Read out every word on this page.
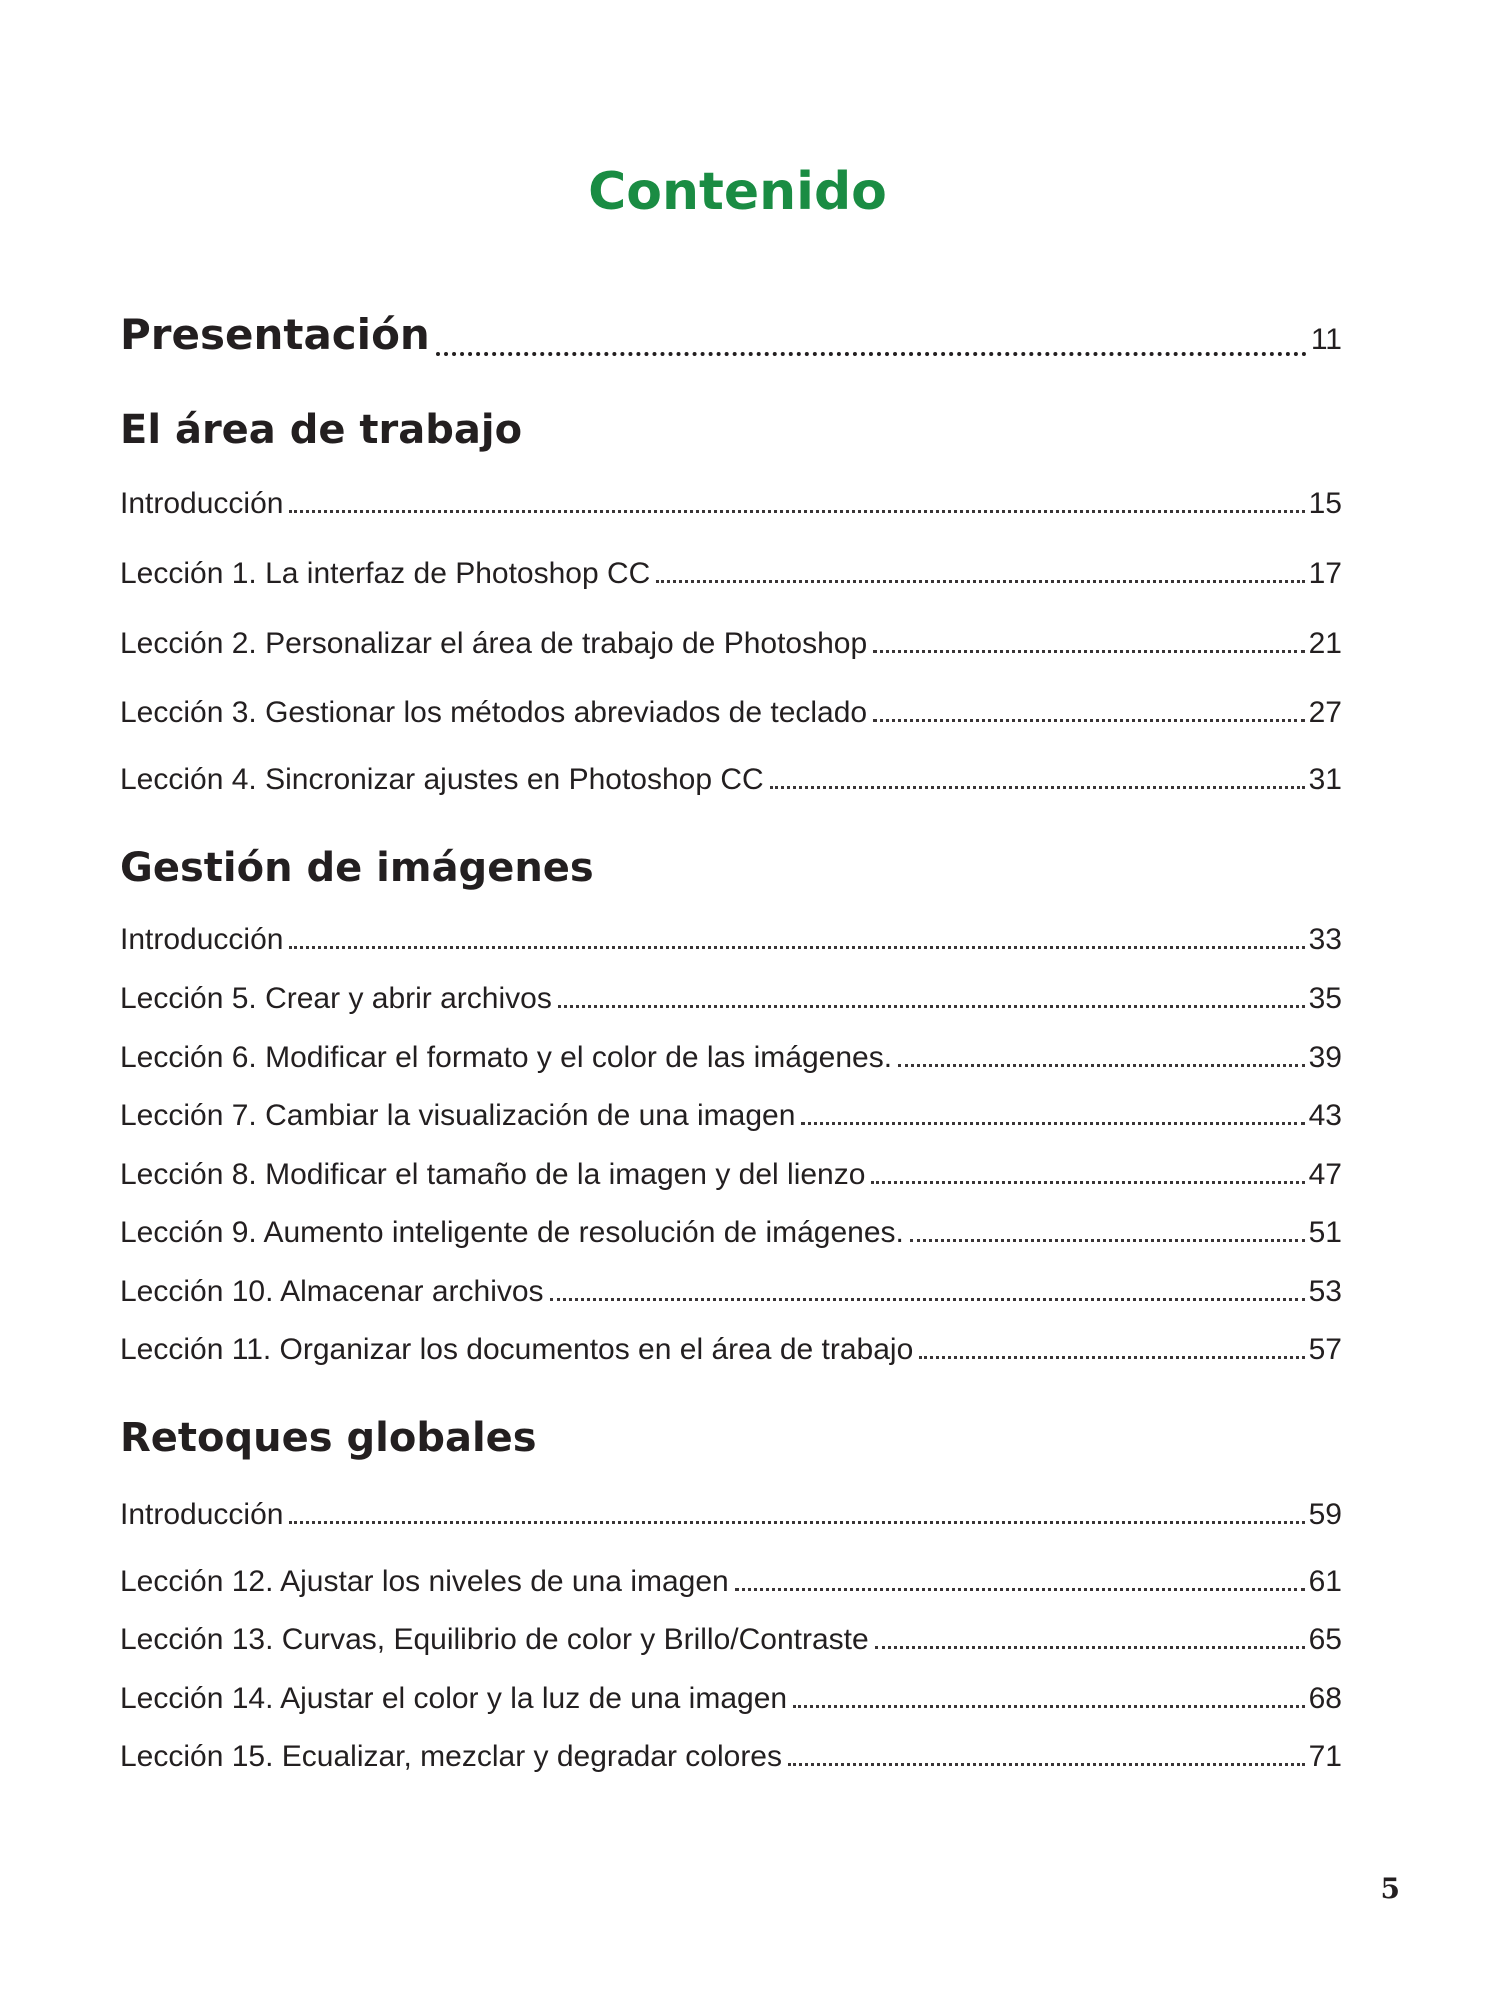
Contenido
Presentación	11
El área de trabajo
Introducción	15
Lección 1. La interfaz de Photoshop CC	17
Lección 2. Personalizar el área de trabajo de Photoshop	21
Lección 3. Gestionar los métodos abreviados de teclado	27
Lección 4. Sincronizar ajustes en Photoshop CC	31
Gestión de imágenes
Introducción	33
Lección 5. Crear y abrir archivos	35
Lección 6. Modificar el formato y el color de las imágenes.	39
Lección 7. Cambiar la visualización de una imagen	43
Lección 8. Modificar el tamaño de la imagen y del lienzo	47
Lección 9. Aumento inteligente de resolución de imágenes.	51
Lección 10. Almacenar archivos	53
Lección 11. Organizar los documentos en el área de trabajo	57
Retoques globales
Introducción	59
Lección 12. Ajustar los niveles de una imagen	61
Lección 13. Curvas, Equilibrio de color y Brillo/Contraste	65
Lección 14. Ajustar el color y la luz de una imagen	68
Lección 15. Ecualizar, mezclar y degradar colores	71
5
